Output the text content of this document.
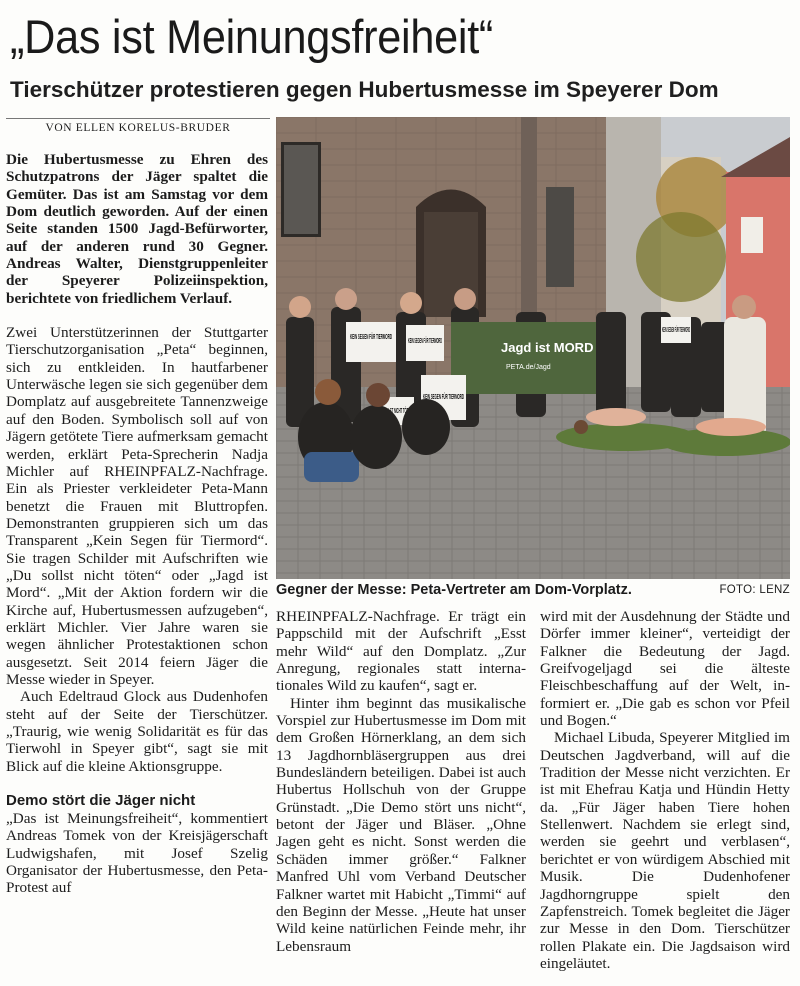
„Das ist Meinungsfreiheit“
Tierschützer protestieren gegen Hubertusmesse im Speyerer Dom
VON ELLEN KORELUS-BRUDER

Die Hubertusmesse zu Ehren des Schutzpatrons der Jäger spaltet die Gemüter. Das ist am Samstag vor dem Dom deutlich geworden. Auf der einen Seite standen 1500 Jagd-Befürworter, auf der anderen rund 30 Gegner. Andreas Walter, Dienstgruppenleiter der Speyerer Polizeiinspektion, berichtete von friedlichem Verlauf.

Zwei Unterstützerinnen der Stuttgarter Tierschutzorganisation „Peta“ beginnen, sich zu entkleiden. In hautfarbener Unterwäsche legen sie sich gegenüber dem Domplatz auf ausgebreitete Tannenzweige auf den Boden. Symbolisch soll auf von Jägern getötete Tiere aufmerksam gemacht werden, erklärt Peta-Sprecherin Nadja Michler auf RHEINPFALZ-Nachfrage. Ein als Priester verkleideter Peta-Mann benetzt die Frauen mit Bluttropfen. Demonstranten gruppieren sich um das Transparent „Kein Segen für Tiermord“. Sie tragen Schilder mit Aufschriften wie „Du sollst nicht töten“ oder „Jagd ist Mord“. „Mit der Aktion fordern wir die Kirche auf, Hubertusmessen aufzugeben“, erklärt Michler. Vier Jahre waren sie wegen ähnlicher Protestaktionen schon ausgesetzt. Seit 2014 feiern Jäger die Messe wieder in Speyer.

Auch Edeltraud Glock aus Dudenhofen steht auf der Seite der Tierschützer. „Traurig, wie wenig Solidarität es für das Tierwohl in Speyer gibt“, sagt sie mit Blick auf die kleine Aktionsgruppe.

Demo stört die Jäger nicht

„Das ist Meinungsfreiheit“, kommentiert Andreas Tomek von der Kreisjägerschaft Ludwigshafen, mit Josef Szelig Organisator der Hubertusmesse, den Peta-Protest auf

Jagd ist MORD
PETA.de/Jagd
Gegner der Messe: Peta-Vertreter am Dom-Vorplatz.	FOTO: LENZ

RHEINPFALZ-Nachfrage. Er trägt ein Pappschild mit der Aufschrift „Esst mehr Wild“ auf den Domplatz. „Zur Anregung, regionales statt internationales Wild zu kaufen“, sagt er.

Hinter ihm beginnt das musikalische Vorspiel zur Hubertusmesse im Dom mit dem Großen Hörnerklang, an dem sich 13 Jagdhornbläsergruppen aus drei Bundesländern beteiligen. Dabei ist auch Hubertus Hollschuh von der Gruppe Grünstadt. „Die Demo stört uns nicht“, betont der Jäger und Bläser. „Ohne Jagen geht es nicht. Sonst werden die Schäden immer größer.“ Falkner Manfred Uhl vom Verband Deutscher Falkner wartet mit Habicht „Timmi“ auf den Beginn der Messe. „Heute hat unser Wild keine natürlichen Feinde mehr, ihr Lebensraum

wird mit der Ausdehnung der Städte und Dörfer immer kleiner“, verteidigt der Falkner die Bedeutung der Jagd. Greifvogeljagd sei die älteste Fleischbeschaffung auf der Welt, informiert er. „Die gab es schon vor Pfeil und Bogen.“

Michael Libuda, Speyerer Mitglied im Deutschen Jagdverband, will auf die Tradition der Messe nicht verzichten. Er ist mit Ehefrau Katja und Hündin Hetty da. „Für Jäger haben Tiere hohen Stellenwert. Nachdem sie erlegt sind, werden sie geehrt und verblasen“, berichtet er von würdigem Abschied mit Musik. Die Dudenhofener Jagdhorngruppe spielt den Zapfenstreich. Tomek begleitet die Jäger zur Messe in den Dom. Tierschützer rollen Plakate ein. Die Jagdsaison wird eingeläutet.
